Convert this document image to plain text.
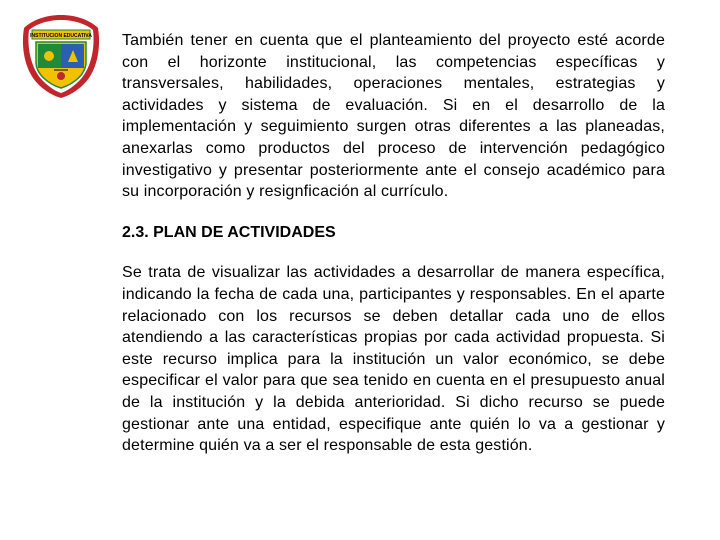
INSTITUCION EDUCATIVA También tener en cuenta que el planteamiento del proyecto esté acorde con el horizonte institucional, las competencias específicas y transversales, habilidades, operaciones mentales, estrategias y actividades y sistema de evaluación. Si en el desarrollo de la implementación y seguimiento surgen otras diferentes a las planeadas, anexarlas como productos del proceso de intervención pedagógico investigativo y presentar posteriormente ante el consejo académico para su incorporación y resignficación al currículo.

2.3. PLAN DE ACTIVIDADES

Se trata de visualizar las actividades a desarrollar de manera específica, indicando la fecha de cada una, participantes y responsables. En el aparte relacionado con los recursos se deben detallar cada uno de ellos atendiendo a las características propias por cada actividad propuesta. Si este recurso implica para la institución un valor económico, se debe especificar el valor para que sea tenido en cuenta en el presupuesto anual de la institución y la debida anterioridad. Si dicho recurso se puede gestionar ante una entidad, especifique ante quién lo va a gestionar y determine quién va a ser el responsable de esta gestión.
